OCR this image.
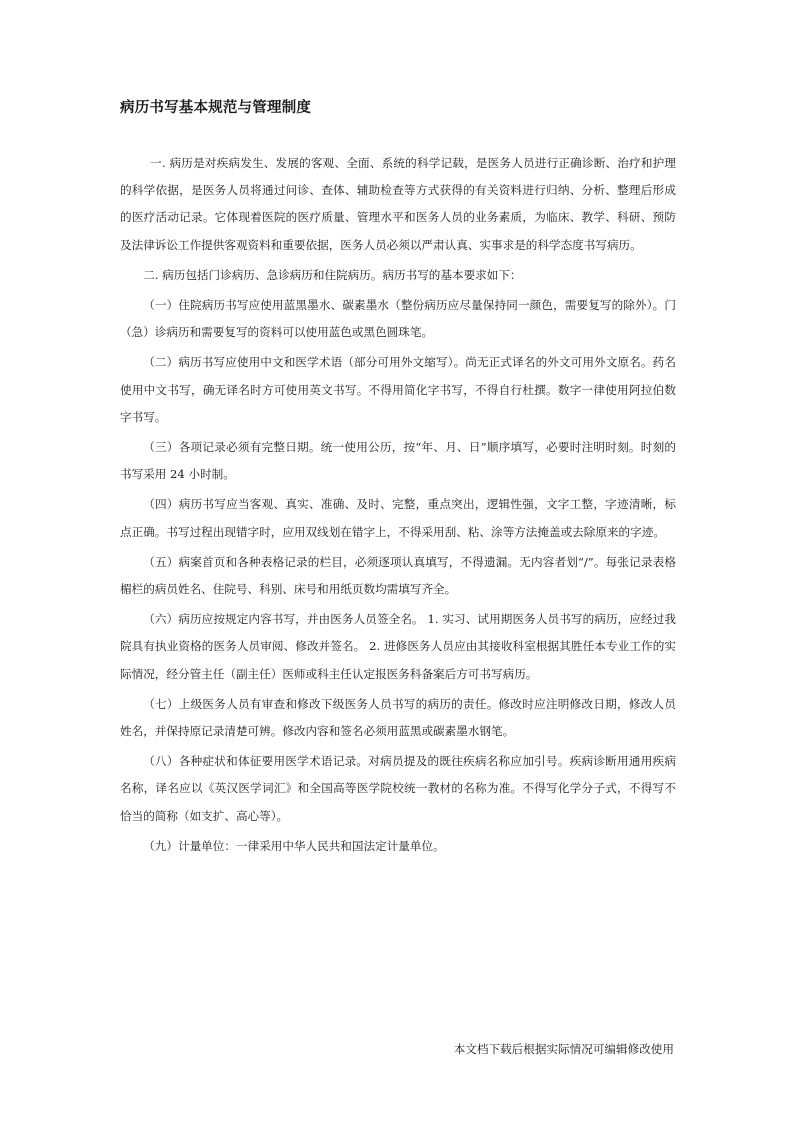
病历书写基本规范与管理制度

一. 病历是对疾病发生、发展的客观、全面、系统的科学记载，是医务人员进行正确诊断、治疗和护理的科学依据，是医务人员将通过问诊、查体、辅助检查等方式获得的有关资料进行归纳、分析、整理后形成的医疗活动记录。它体现着医院的医疗质量、管理水平和医务人员的业务素质，为临床、教学、科研、预防及法律诉讼工作提供客观资料和重要依据，医务人员必须以严肃认真、实事求是的科学态度书写病历。

二. 病历包括门诊病历、急诊病历和住院病历。病历书写的基本要求如下：

（一）住院病历书写应使用蓝黑墨水、碳素墨水（整份病历应尽量保持同一颜色，需要复写的除外）。门（急）诊病历和需要复写的资料可以使用蓝色或黑色圆珠笔。

（二）病历书写应使用中文和医学术语（部分可用外文缩写）。尚无正式译名的外文可用外文原名。药名使用中文书写，确无译名时方可使用英文书写。不得用简化字书写，不得自行杜撰。数字一律使用阿拉伯数字书写。

（三）各项记录必须有完整日期。统一使用公历，按“年、月、日”顺序填写，必要时注明时刻。时刻的书写采用 24 小时制。

（四）病历书写应当客观、真实、准确、及时、完整，重点突出，逻辑性强，文字工整，字迹清晰，标点正确。书写过程出现错字时，应用双线划在错字上，不得采用刮、粘、涂等方法掩盖或去除原来的字迹。

（五）病案首页和各种表格记录的栏目，必须逐项认真填写，不得遗漏。无内容者划“/”。每张记录表格楣栏的病员姓名、住院号、科别、床号和用纸页数均需填写齐全。

（六）病历应按规定内容书写，并由医务人员签全名。 1. 实习、试用期医务人员书写的病历，应经过我院具有执业资格的医务人员审阅、修改并签名。 2. 进修医务人员应由其接收科室根据其胜任本专业工作的实际情况，经分管主任（副主任）医师或科主任认定报医务科备案后方可书写病历。

（七）上级医务人员有审查和修改下级医务人员书写的病历的责任。修改时应注明修改日期，修改人员姓名，并保持原记录清楚可辨。修改内容和签名必须用蓝黑或碳素墨水钢笔。

（八）各种症状和体征要用医学术语记录。对病员提及的既往疾病名称应加引号。疾病诊断用通用疾病名称，译名应以《英汉医学词汇》和全国高等医学院校统一教材的名称为准。不得写化学分子式，不得写不恰当的简称（如支扩、高心等）。

（九）计量单位：一律采用中华人民共和国法定计量单位。

本文档下载后根据实际情况可编辑修改使用
